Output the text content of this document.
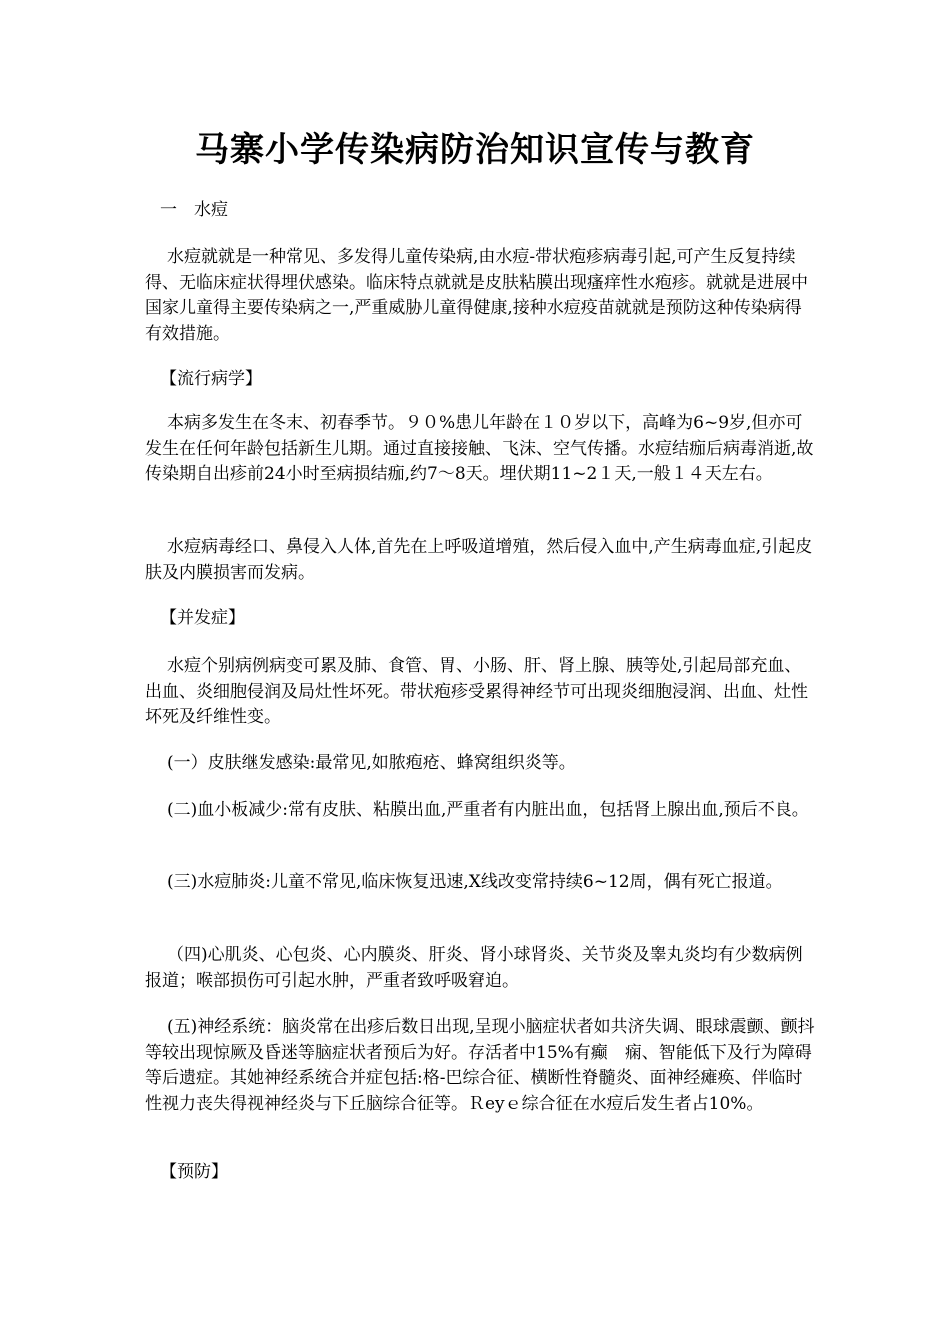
马寨小学传染病防治知识宣传与教育

一　水痘

水痘就就是一种常见、多发得儿童传染病,由水痘-带状疱疹病毒引起,可产生反复持续得、无临床症状得埋伏感染。临床特点就就是皮肤粘膜出现瘙痒性水疱疹。就就是进展中国家儿童得主要传染病之一,严重威胁儿童得健康,接种水痘疫苗就就是预防这种传染病得有效措施。

【流行病学】

本病多发生在冬末、初春季节。９０%患儿年龄在１０岁以下，高峰为6~9岁,但亦可发生在任何年龄包括新生儿期。通过直接接触、飞沫、空气传播。水痘结痂后病毒消逝,故传染期自出疹前24小时至病损结痂,约7～8天。埋伏期11~2１天,一般１４天左右。

水痘病毒经口、鼻侵入人体,首先在上呼吸道增殖，然后侵入血中,产生病毒血症,引起皮肤及内膜损害而发病。

【并发症】

水痘个别病例病变可累及肺、食管、胃、小肠、肝、肾上腺、胰等处,引起局部充血、出血、炎细胞侵润及局灶性坏死。带状疱疹受累得神经节可出现炎细胞浸润、出血、灶性坏死及纤维性变。

(一）皮肤继发感染:最常见,如脓疱疮、蜂窝组织炎等。

(二)血小板减少:常有皮肤、粘膜出血,严重者有内脏出血，包括肾上腺出血,预后不良。

(三)水痘肺炎:儿童不常见,临床恢复迅速,X线改变常持续6~12周，偶有死亡报道。

（四)心肌炎、心包炎、心内膜炎、肝炎、肾小球肾炎、关节炎及睾丸炎均有少数病例报道；喉部损伤可引起水肿，严重者致呼吸窘迫。

(五)神经系统：脑炎常在出疹后数日出现,呈现小脑症状者如共济失调、眼球震颤、颤抖等较出现惊厥及昏迷等脑症状者预后为好。存活者中15%有癫　痫、智能低下及行为障碍等后遗症。其她神经系统合并症包括:格-巴综合征、横断性脊髓炎、面神经瘫痪、伴临时性视力丧失得视神经炎与下丘脑综合征等。Ｒeyｅ综合征在水痘后发生者占10%。

【预防】
